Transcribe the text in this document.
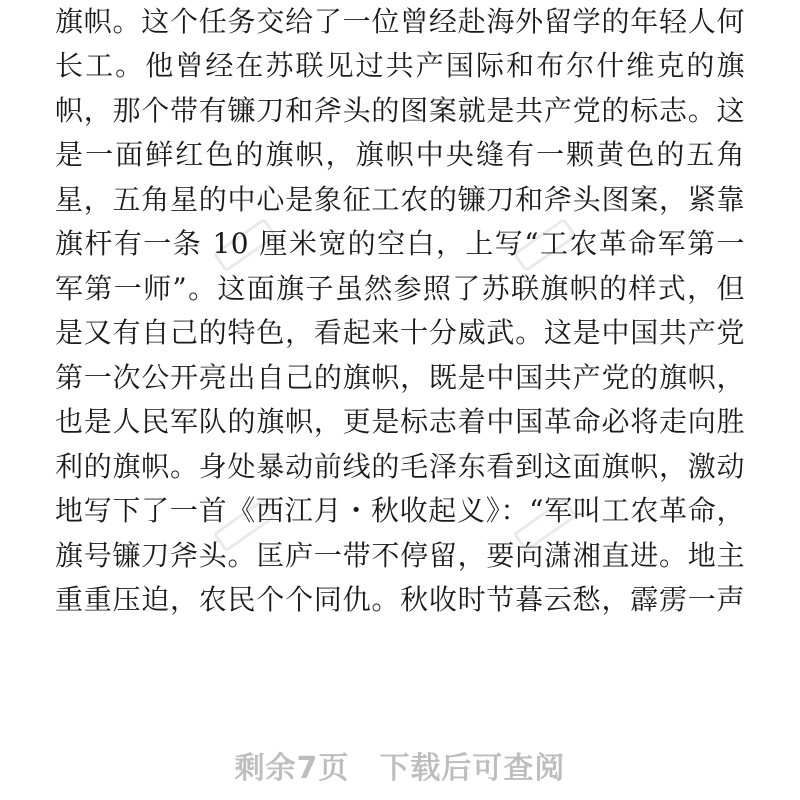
旗帜。这个任务交给了一位曾经赴海外留学的年轻人何
长工。他曾经在苏联见过共产国际和布尔什维克的旗
帜，那个带有镰刀和斧头的图案就是共产党的标志。这
是一面鲜红色的旗帜，旗帜中央缝有一颗黄色的五角
星，五角星的中心是象征工农的镰刀和斧头图案，紧靠
旗杆有一条 10 厘米宽的空白，上写“工农革命军第一
军第一师”。这面旗子虽然参照了苏联旗帜的样式，但
是又有自己的特色，看起来十分威武。这是中国共产党
第一次公开亮出自己的旗帜，既是中国共产党的旗帜，
也是人民军队的旗帜，更是标志着中国革命必将走向胜
利的旗帜。身处暴动前线的毛泽东看到这面旗帜，激动
地写下了一首《西江月・秋收起义》：“军叫工农革命，
旗号镰刀斧头。匡庐一带不停留，要向潇湘直进。地主
重重压迫，农民个个同仇。秋收时节暮云愁，霹雳一声
剩余7页 下载后可查阅
